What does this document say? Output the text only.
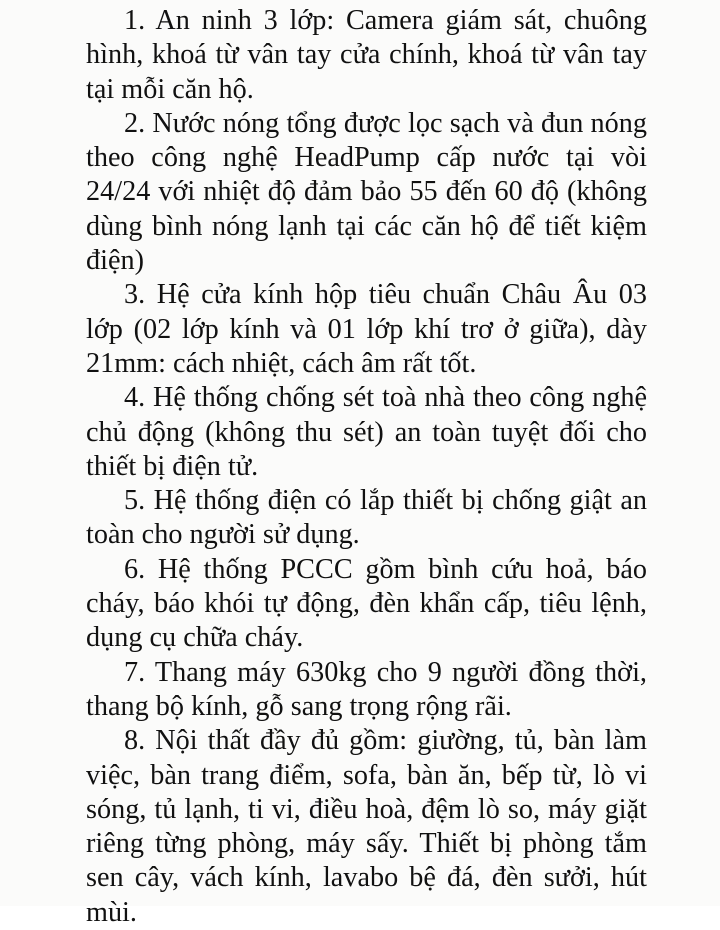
1. An ninh 3 lớp: Camera giám sát, chuông hình, khoá từ vân tay cửa chính, khoá từ vân tay tại mỗi căn hộ.

2. Nước nóng tổng được lọc sạch và đun nóng theo công nghệ HeadPump cấp nước tại vòi 24/24 với nhiệt độ đảm bảo 55 đến 60 độ (không dùng bình nóng lạnh tại các căn hộ để tiết kiệm điện)

3. Hệ cửa kính hộp tiêu chuẩn Châu Âu 03 lớp (02 lớp kính và 01 lớp khí trơ ở giữa), dày 21mm: cách nhiệt, cách âm rất tốt.

4. Hệ thống chống sét toà nhà theo công nghệ chủ động (không thu sét) an toàn tuyệt đối cho thiết bị điện tử.

5. Hệ thống điện có lắp thiết bị chống giật an toàn cho người sử dụng.

6. Hệ thống PCCC gồm bình cứu hoả, báo cháy, báo khói tự động, đèn khẩn cấp, tiêu lệnh, dụng cụ chữa cháy.

7. Thang máy 630kg cho 9 người đồng thời, thang bộ kính, gỗ sang trọng rộng rãi.

8. Nội thất đầy đủ gồm: giường, tủ, bàn làm việc, bàn trang điểm, sofa, bàn ăn, bếp từ, lò vi sóng, tủ lạnh, ti vi, điều hoà, đệm lò so, máy giặt riêng từng phòng, máy sấy. Thiết bị phòng tắm sen cây, vách kính, lavabo bệ đá, đèn sưởi, hút mùi.
